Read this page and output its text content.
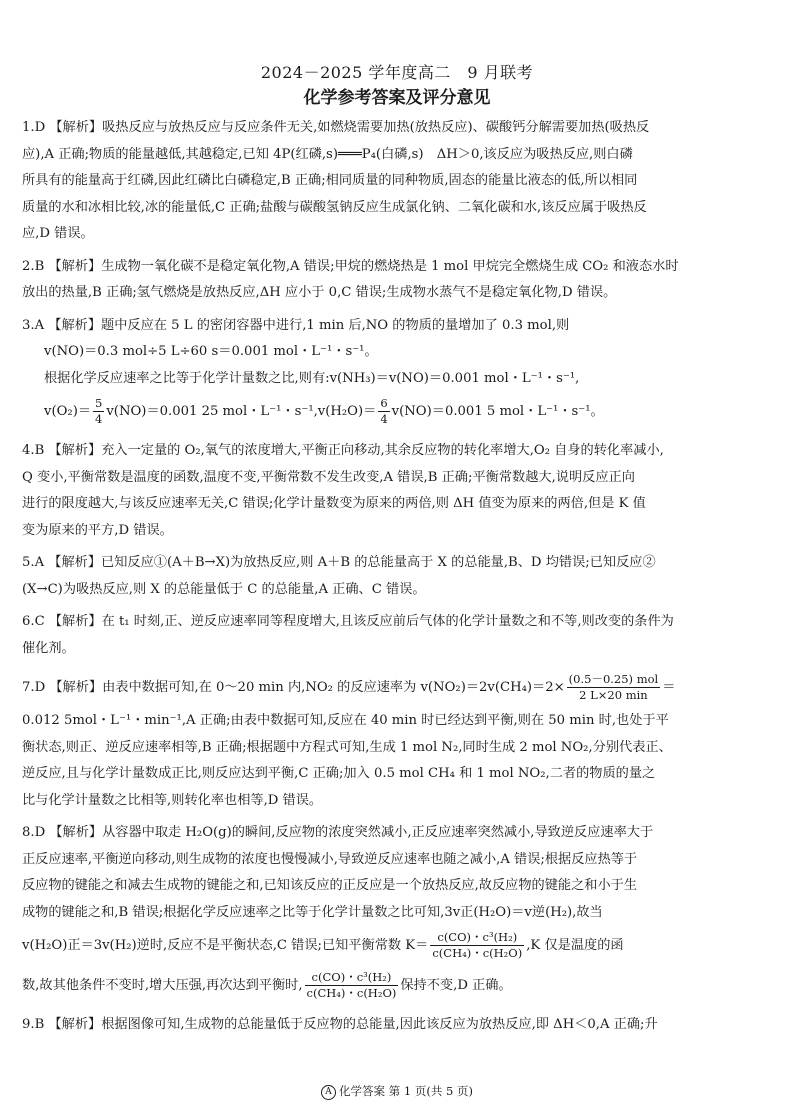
2024－2025 学年度高二　9 月联考
化学参考答案及评分意见
1.D 【解析】吸热反应与放热反应与反应条件无关,如燃烧需要加热(放热反应)、碳酸钙分解需要加热(吸热反
应),A 正确;物质的能量越低,其越稳定,已知 4P(红磷,s)═══P₄(白磷,s)　ΔH＞0,该反应为吸热反应,则白磷
所具有的能量高于红磷,因此红磷比白磷稳定,B 正确;相同质量的同种物质,固态的能量比液态的低,所以相同
质量的水和冰相比较,冰的能量低,C 正确;盐酸与碳酸氢钠反应生成氯化钠、二氧化碳和水,该反应属于吸热反
应,D 错误。
2.B 【解析】生成物一氧化碳不是稳定氧化物,A 错误;甲烷的燃烧热是 1 mol 甲烷完全燃烧生成 CO₂ 和液态水时
放出的热量,B 正确;氢气燃烧是放热反应,ΔH 应小于 0,C 错误;生成物水蒸气不是稳定氧化物,D 错误。
3.A 【解析】题中反应在 5 L 的密闭容器中进行,1 min 后,NO 的物质的量增加了 0.3 mol,则
v(NO)＝0.3 mol÷5 L÷60 s＝0.001 mol・L⁻¹・s⁻¹。
根据化学反应速率之比等于化学计量数之比,则有:v(NH₃)＝v(NO)＝0.001 mol・L⁻¹・s⁻¹,
$v(O_2)= \frac{5}{4} v(NO)=0.001$ 25 mol・L⁻¹・$s^{-1},v(H_2O)= \frac{6}{4} v(NO)=0.001$ 5 mol・L⁻¹・s⁻¹。
4.B 【解析】充入一定量的 O₂,氧气的浓度增大,平衡正向移动,其余反应物的转化率增大,O₂ 自身的转化率减小,
Q 变小,平衡常数是温度的函数,温度不变,平衡常数不发生改变,A 错误,B 正确;平衡常数越大,说明反应正向
进行的限度越大,与该反应速率无关,C 错误;化学计量数变为原来的两倍,则 ΔH 值变为原来的两倍,但是 K 值
变为原来的平方,D 错误。
5.A 【解析】已知反应①(A＋B→X)为放热反应,则 A＋B 的总能量高于 X 的总能量,B、D 均错误;已知反应②
(X→C)为吸热反应,则 X 的总能量低于 C 的总能量,A 正确、C 错误。
6.C 【解析】在 t₁ 时刻,正、逆反应速率同等程度增大,且该反应前后气体的化学计量数之和不等,则改变的条件为
催化剂。
7.D 【解析】由表中数据可知,在 0～20 min 内,NO₂ 的反应速率为 $v(NO_2)=2v(CH_4)=2\times \frac{\text{(0.5－0.25) mol}}{2 L\times 20 \min}$ ＝
0.012 5mol・L⁻¹・min⁻¹,A 正确;由表中数据可知,反应在 40 min 时已经达到平衡,则在 50 min 时,也处于平
衡状态,则正、逆反应速率相等,B 正确;根据题中方程式可知,生成 1 mol N₂,同时生成 2 mol NO₂,分别代表正、
逆反应,且与化学计量数成正比,则反应达到平衡,C 正确;加入 0.5 mol CH₄ 和 1 mol NO₂,二者的物质的量之
比与化学计量数之比相等,则转化率也相等,D 错误。
8.D 【解析】从容器中取走 H₂O(g)的瞬间,反应物的浓度突然减小,正反应速率突然减小,导致逆反应速率大于
正反应速率,平衡逆向移动,则生成物的浓度也慢慢减小,导致逆反应速率也随之减小,A 错误;根据反应热等于
反应物的键能之和减去生成物的键能之和,已知该反应的正反应是一个放热反应,故反应物的键能之和小于生
成物的键能之和,B 错误;根据化学反应速率之比等于化学计量数之比可知,3v正(H₂O)＝v逆(H₂),故当
v(H₂O)正＝3v(H₂)逆时,反应不是平衡状态,C 错误;已知平衡常数 $K= \frac{\text{c(CO)・c³(H₂)}}{\text{c(CH₄)・c(H₂O)}} ,K$ 仅是温度的函
数,故其他条件不变时,增大压强,再次达到平衡时, $\frac{\text{c(CO)・c³(H₂)}}{\text{c(CH₄)・c(H₂O)}}$ 保持不变,D 正确。
9.B 【解析】根据图像可知,生成物的总能量低于反应物的总能量,因此该反应为放热反应,即 ΔH＜0,A 正确;升
A 化学答案 第 1 页(共 5 页)
